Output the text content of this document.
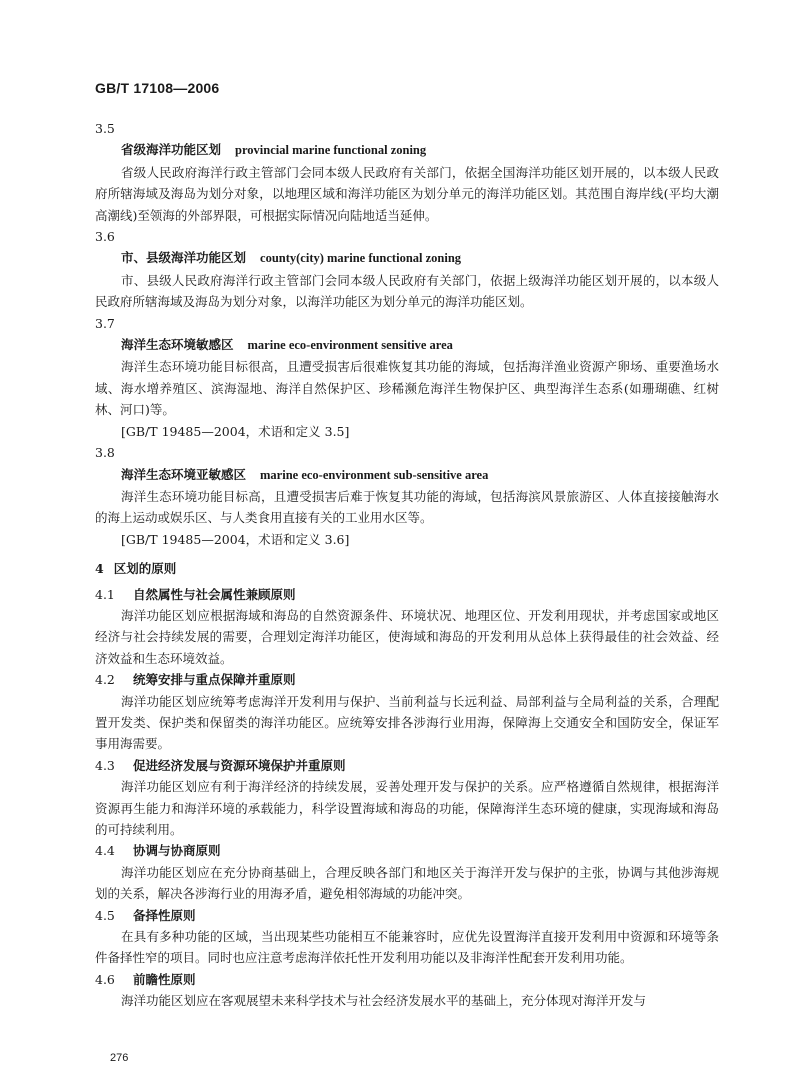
GB/T 17108—2006
3.5
省级海洋功能区划 provincial marine functional zoning
省级人民政府海洋行政主管部门会同本级人民政府有关部门，依据全国海洋功能区划开展的，以本级人民政府所辖海域及海岛为划分对象，以地理区域和海洋功能区为划分单元的海洋功能区划。其范围自海岸线(平均大潮高潮线)至领海的外部界限，可根据实际情况向陆地适当延伸。
3.6
市、县级海洋功能区划 county(city) marine functional zoning
市、县级人民政府海洋行政主管部门会同本级人民政府有关部门，依据上级海洋功能区划开展的，以本级人民政府所辖海域及海岛为划分对象，以海洋功能区为划分单元的海洋功能区划。
3.7
海洋生态环境敏感区 marine eco-environment sensitive area
海洋生态环境功能目标很高，且遭受损害后很难恢复其功能的海域，包括海洋渔业资源产卵场、重要渔场水域、海水增养殖区、滨海湿地、海洋自然保护区、珍稀濒危海洋生物保护区、典型海洋生态系(如珊瑚礁、红树林、河口)等。
[GB/T 19485—2004，术语和定义 3.5]
3.8
海洋生态环境亚敏感区 marine eco-environment sub-sensitive area
海洋生态环境功能目标高，且遭受损害后难于恢复其功能的海域，包括海滨风景旅游区、人体直接接触海水的海上运动或娱乐区、与人类食用直接有关的工业用水区等。
[GB/T 19485—2004，术语和定义 3.6]
4 区划的原则
4.1 自然属性与社会属性兼顾原则
海洋功能区划应根据海域和海岛的自然资源条件、环境状况、地理区位、开发利用现状，并考虑国家或地区经济与社会持续发展的需要，合理划定海洋功能区，使海域和海岛的开发利用从总体上获得最佳的社会效益、经济效益和生态环境效益。
4.2 统筹安排与重点保障并重原则
海洋功能区划应统筹考虑海洋开发利用与保护、当前利益与长远利益、局部利益与全局利益的关系，合理配置开发类、保护类和保留类的海洋功能区。应统筹安排各涉海行业用海，保障海上交通安全和国防安全，保证军事用海需要。
4.3 促进经济发展与资源环境保护并重原则
海洋功能区划应有利于海洋经济的持续发展，妥善处理开发与保护的关系。应严格遵循自然规律，根据海洋资源再生能力和海洋环境的承载能力，科学设置海域和海岛的功能，保障海洋生态环境的健康，实现海域和海岛的可持续利用。
4.4 协调与协商原则
海洋功能区划应在充分协商基础上，合理反映各部门和地区关于海洋开发与保护的主张，协调与其他涉海规划的关系，解决各涉海行业的用海矛盾，避免相邻海域的功能冲突。
4.5 备择性原则
在具有多种功能的区域，当出现某些功能相互不能兼容时，应优先设置海洋直接开发利用中资源和环境等条件备择性窄的项目。同时也应注意考虑海洋依托性开发利用功能以及非海洋性配套开发利用功能。
4.6 前瞻性原则
海洋功能区划应在客观展望未来科学技术与社会经济发展水平的基础上，充分体现对海洋开发与
276
